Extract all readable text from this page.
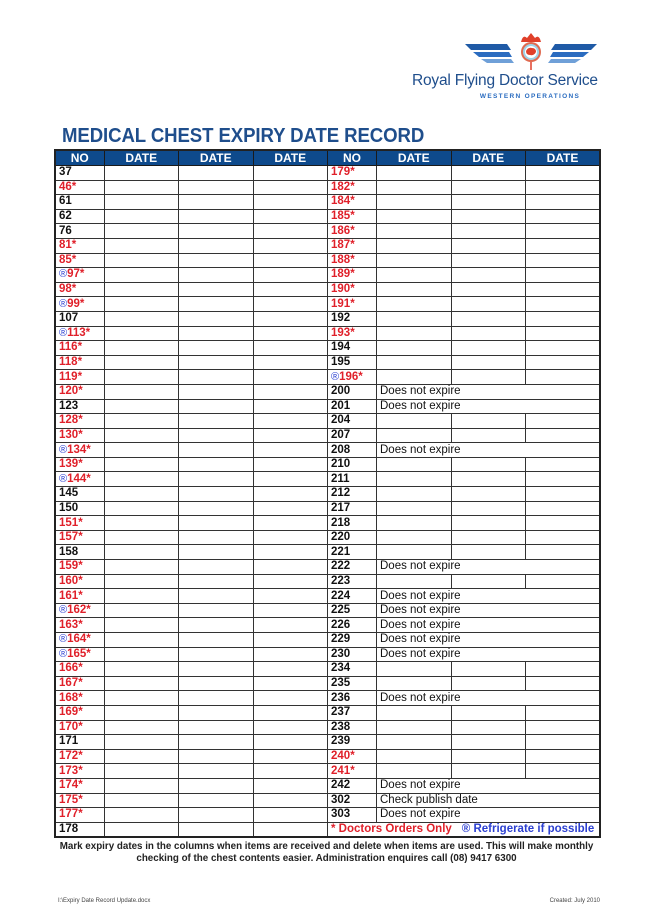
Royal Flying Doctor Service
WESTERN OPERATIONS
MEDICAL CHEST EXPIRY DATE RECORD
NO	DATE	DATE	DATE	NO	DATE	DATE	DATE
37				179*			
46*				182*			
61				184*			
62				185*			
76				186*			
81*				187*			
85*				188*			
®97*				189*			
98*				190*			
®99*				191*			
107				192			
®113*				193*			
116*				194			
118*				195			
119*				®196*			
120*				200	Does not expire		
123				201	Does not expire		
128*				204			
130*				207			
®134*				208	Does not expire		
139*				210			
®144*				211			
145				212			
150				217			
151*				218			
157*				220			
158				221			
159*				222	Does not expire		
160*				223			
161*				224	Does not expire		
®162*				225	Does not expire		
163*				226	Does not expire		
®164*				229	Does not expire		
®165*				230	Does not expire		
166*				234			
167*				235			
168*				236	Does not expire		
169*				237			
170*				238			
171				239			
172*				240*			
173*				241*			
174*				242	Does not expire		
175*				302	Check publish date		
177*				303	Does not expire		
178				* Doctors Orders Only ® Refrigerate if possible			
Mark expiry dates in the columns when items are received and delete when items are used. This will make monthly checking of the chest contents easier. Administration enquires call (08) 9417 6300
I:\Expiry Date Record Update.docx	Created: July 2010
